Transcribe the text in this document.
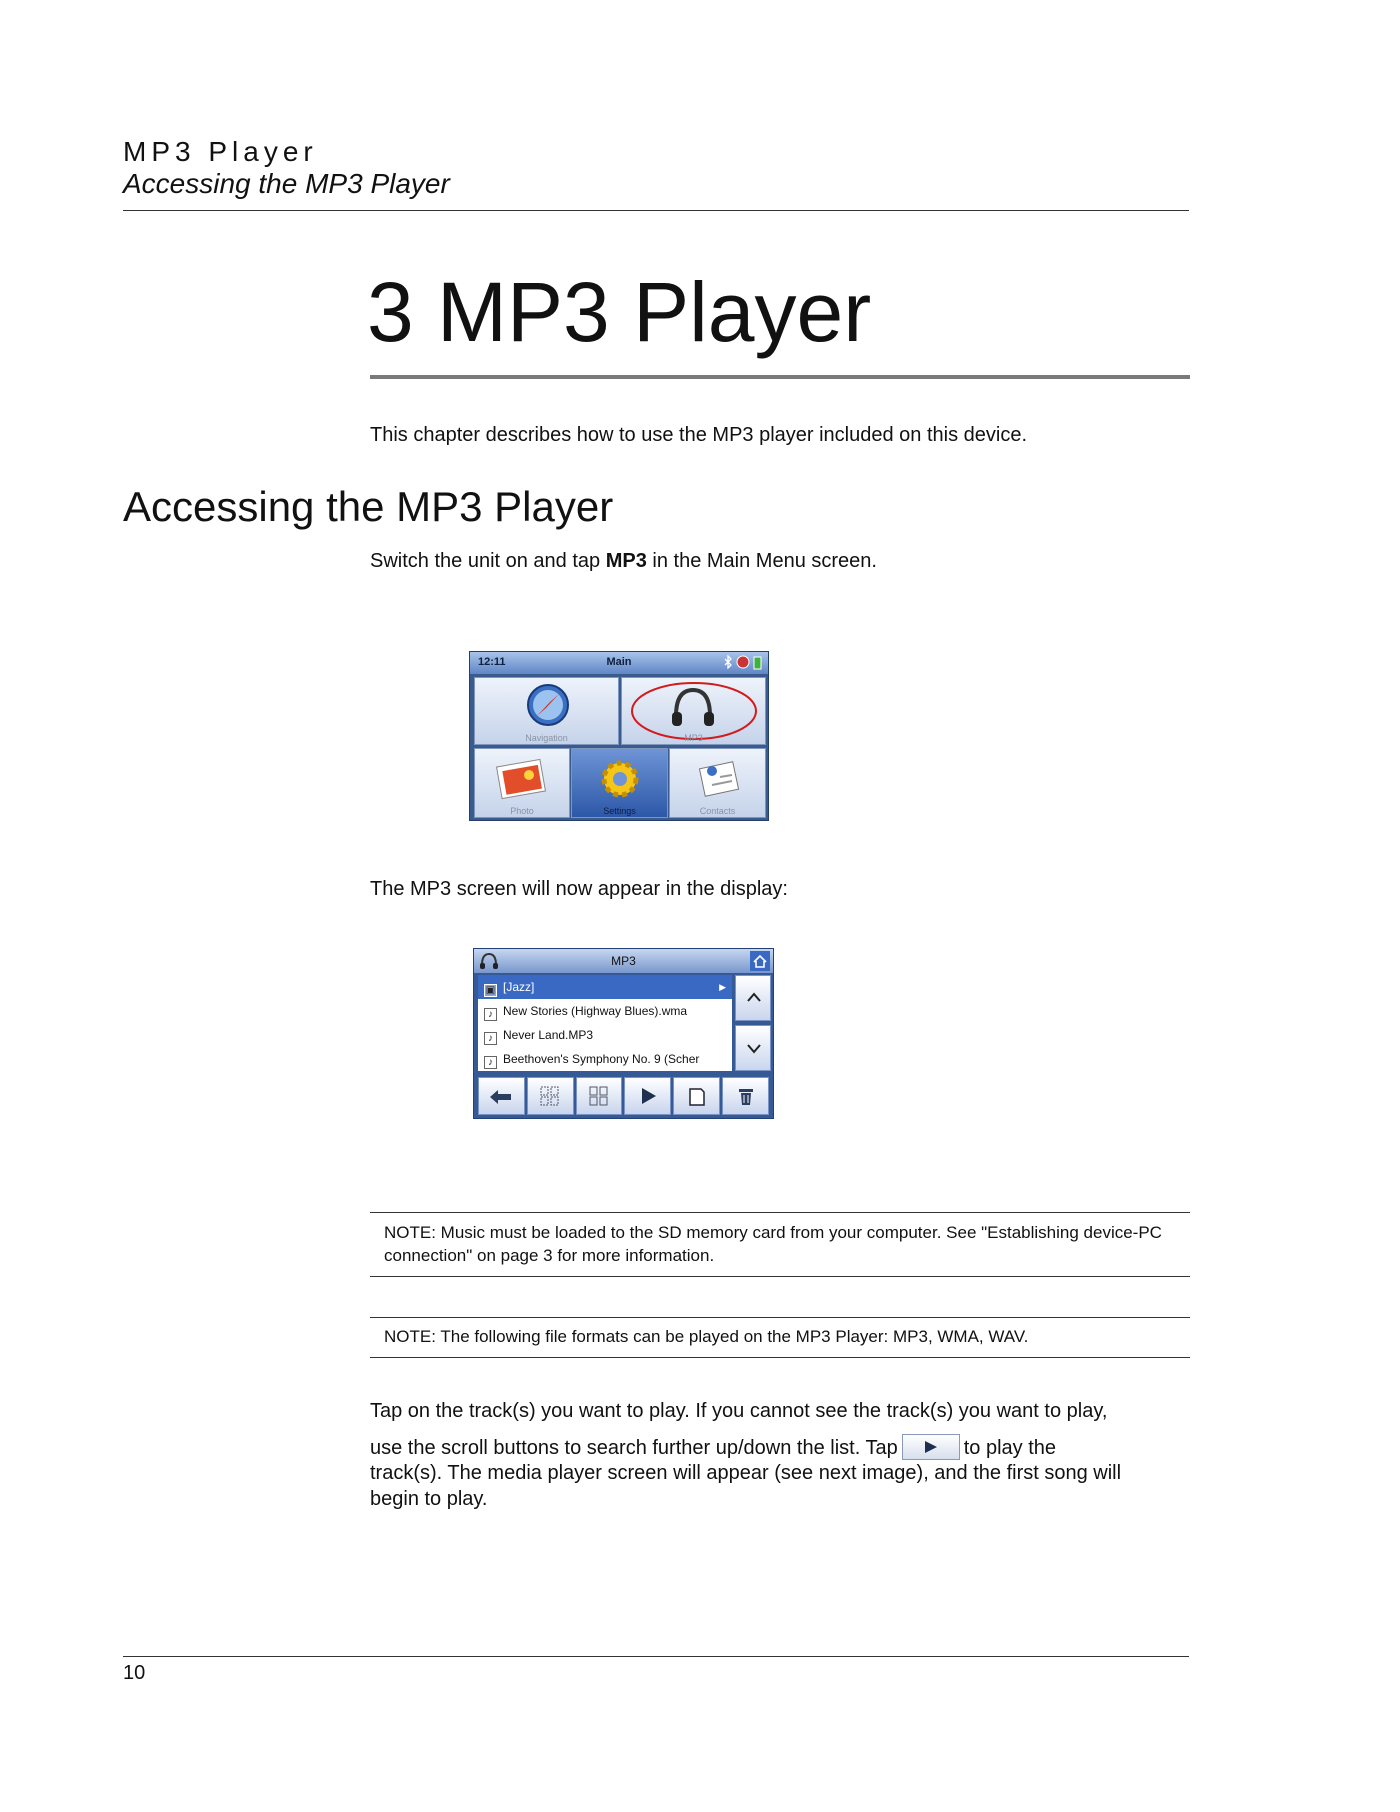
MP3 Player
Accessing the MP3 Player
3 MP3 Player

This chapter describes how to use the MP3 player included on this device.

Accessing the MP3 Player

Switch the unit on and tap MP3 in the Main Menu screen.

12:11	Main
Navigation	MP3
Photo	Settings	Contacts

The MP3 screen will now appear in the display:

MP3
▣ [Jazz]	▶
♪ New Stories (Highway Blues).wma
♪ Never Land.MP3
♪ Beethoven's Symphony No. 9 (Scher

NOTE: Music must be loaded to the SD memory card from your computer. See "Establishing device-PC connection" on page 3 for more information.

NOTE: The following file formats can be played on the MP3 Player: MP3, WMA, WAV.

Tap on the track(s) you want to play. If you cannot see the track(s) you want to play,

use the scroll buttons to search further up/down the list. Tap	to play the

track(s). The media player screen will appear (see next image), and the first song will

begin to play.

10
